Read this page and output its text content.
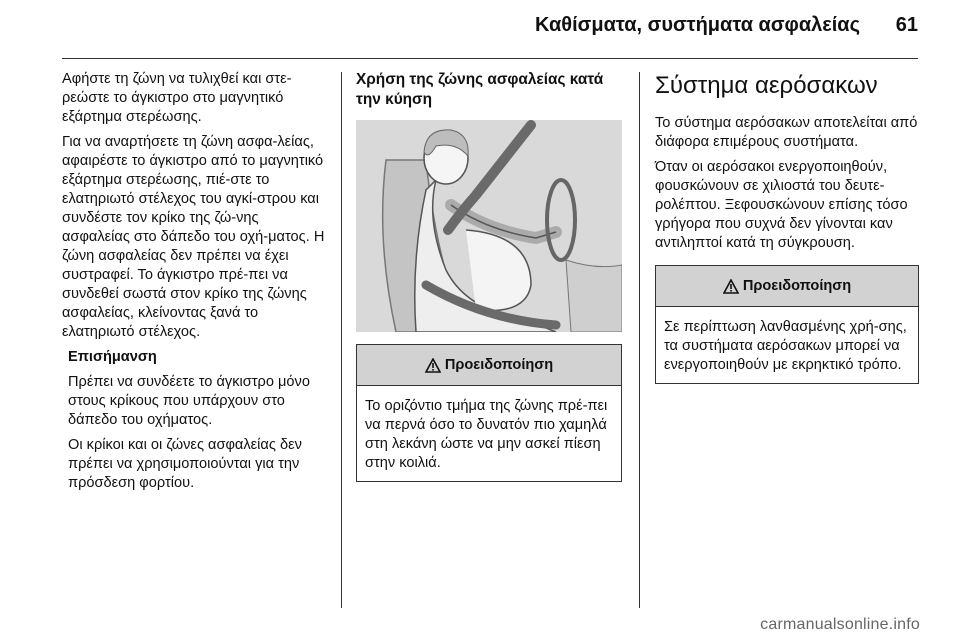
Καθίσματα, συστήματα ασφαλείας 61

Αφήστε τη ζώνη να τυλιχθεί και στε-ρεώστε το άγκιστρο στο μαγνητικό εξάρτημα στερέωσης.

Για να αναρτήσετε τη ζώνη ασφα-λείας, αφαιρέστε το άγκιστρο από το μαγνητικό εξάρτημα στερέωσης, πιέ-στε το ελατηριωτό στέλεχος του αγκί-στρου και συνδέστε τον κρίκο της ζώ-νης ασφαλείας στο δάπεδο του οχή-ματος. Η ζώνη ασφαλείας δεν πρέπει να έχει συστραφεί. Το άγκιστρο πρέ-πει να συνδεθεί σωστά στον κρίκο της ζώνης ασφαλείας, κλείνοντας ξανά το ελατηριωτό στέλεχος.

Επισήμανση

Πρέπει να συνδέετε το άγκιστρο μόνο στους κρίκους που υπάρχουν στο δάπεδο του οχήματος.

Οι κρίκοι και οι ζώνες ασφαλείας δεν πρέπει να χρησιμοποιούνται για την πρόσδεση φορτίου.

Χρήση της ζώνης ασφαλείας κατά την κύηση
Προειδοποίηση

Το οριζόντιο τμήμα της ζώνης πρέ-πει να περνά όσο το δυνατόν πιο χαμηλά στη λεκάνη ώστε να μην ασκεί πίεση στην κοιλιά.

Σύστημα αερόσακων

Το σύστημα αερόσακων αποτελείται από διάφορα επιμέρους συστήματα.

Όταν οι αερόσακοι ενεργοποιηθούν, φουσκώνουν σε χιλιοστά του δευτε-ρολέπτου. Ξεφουσκώνουν επίσης τόσο γρήγορα που συχνά δεν γίνονται καν αντιληπτοί κατά τη σύγκρουση.

Προειδοποίηση

Σε περίπτωση λανθασμένης χρή-σης, τα συστήματα αερόσακων μπορεί να ενεργοποιηθούν με εκρηκτικό τρόπο.

carmanualsonline.info
